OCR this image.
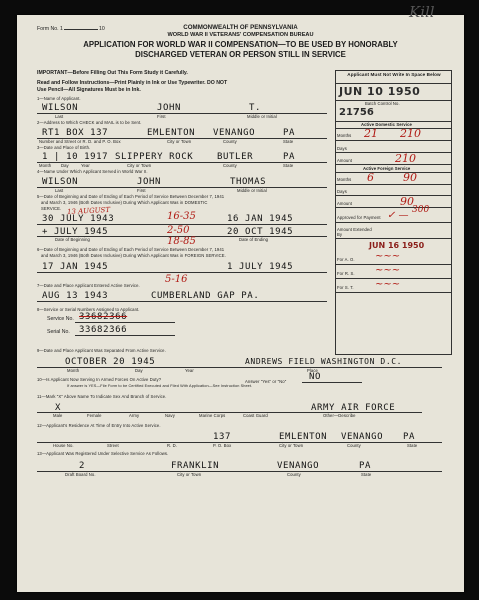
Form No. 1	10	COMMONWEALTH OF PENNSYLVANIA
WORLD WAR II VETERANS' COMPENSATION BUREAU
APPLICATION FOR WORLD WAR II COMPENSATION—TO BE USED BY HONORABLY
DISCHARGED VETERAN OR PERSON STILL IN SERVICE
Kill
IMPORTANT—Before Filling Out This Form Study it Carefully.
Read and Follow Instructions—Print Plainly in Ink or Use Typewriter. DO NOT
Use Pencil—All Signatures Must be in Ink.
1—Name of Applicant.
WILSON	JOHN	T.
Last	First	Middle or Initial
2—Address to Which CHECK and MAIL is to be Sent.
RT1 BOX 137	EMLENTON VENANGO	PA
Number and Street or R. D. and P. O. Box	City or Town	County	State
3—Date and Place of Birth.
1 | 10 1917 SLIPPERY ROCK	BUTLER	PA
Month Day	Year	City or Town	County	State
4—Name Under Which Applicant Served in World War II.
WILSON	JOHN	THOMAS
Last	First	Middle or Initial
5—Date of Beginning and Date of Ending of Each Period of Service Between December 7, 1941
and March 3, 1946 (Both Dates Inclusive) During Which Applicant Was in DOMESTIC
SERVICE. 13 AUGUST
30 JULY 1943	16-35	16 JAN 1945
+ JULY 1945	2-50	20 OCT 1945
Date of Beginning	18-85	Date of Ending
6—Date of Beginning and Date of Ending of Each Period of Service Between December 7, 1941
and March 3, 1946 (Both Dates Inclusive) During Which Applicant Was in FOREIGN SERVICE.
17 JAN 1945	1 JULY 1945
5-16
7—Date and Place Applicant Entered Active Service.
AUG 13 1943	CUMBERLAND GAP PA.
8—Service or Serial Numbers Assigned to Applicant.
Service No. 33682366
Serial No. 33682366
9—Date and Place Applicant Was Separated From Active Service.
OCTOBER 20 1945	ANDREWS FIELD WASHINGTON D.C.
Month	Day	Year	Place
10—Is Applicant Now Serving In Armed Forces On Active Duty?	Answer "Yes" or "No"	NO
If answer is YES—File Form to be Certified Executed and Filed With Application—See Instruction Sheet.
11—Mark "X" Above Name To Indicate Sex And Branch of Service.
X	ARMY AIR FORCE
Male	Female	Army	Navy	Marine Corps	Coast Guard	Other—Describe
12—Applicant's Residence At Time of Entry Into Active Service.
137	EMLENTON VENANGO PA
House No.	Street	R. D.	P. O. Box	City or Town	County	State
13—Applicant Was Registered Under Selective Service As Follows.
2	FRANKLIN	VENANGO	PA
Draft Board No.	City or Town	County	State
Applicant Must Not Write In Space Below
JUN 10 1950
Batch Control No.
21756
Active Domestic Service
Months 21 210
Days
Amount	210
Active Foreign Service
Months 6	90
Days
Amount	90
300
Approved for Payment ✓ —
Amount Extended By
JUN 16 1950
For A. O. ~~~
For R. S. ~~~
For S. T. ~~~
